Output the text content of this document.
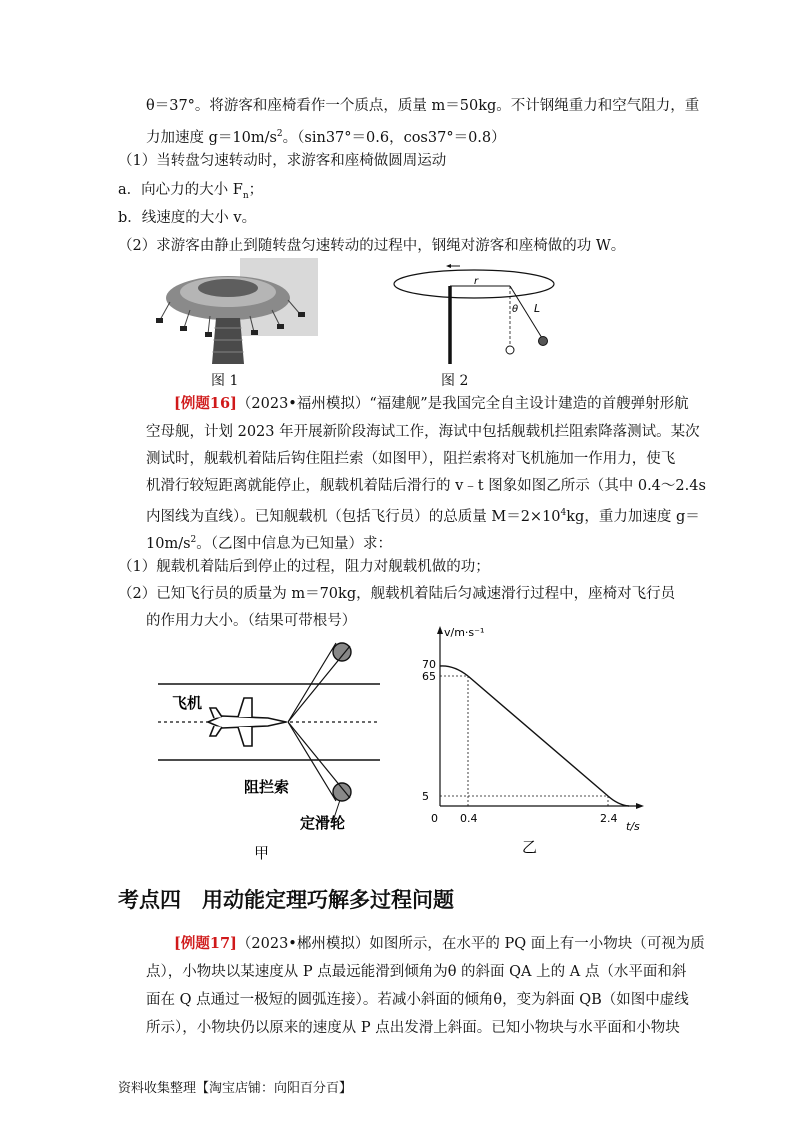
θ＝37°。将游客和座椅看作一个质点，质量 m＝50kg。不计钢绳重力和空气阻力，重
力加速度 $g=10m/s^2$。（sin37°＝0.6，cos37°＝0.8）
（1）当转盘匀速转动时，求游客和座椅做圆周运动
a．向心力的大小 $F_n$；
b．线速度的大小 v。
（2）求游客由静止到随转盘匀速转动的过程中，钢绳对游客和座椅做的功 W。
图 1
r
θ L
图 2
[例题16]（2023•福州模拟）“福建舰”是我国完全自主设计建造的首艘弹射形航
空母舰，计划 2023 年开展新阶段海试工作，海试中包括舰载机拦阻索降落测试。某次
测试时，舰载机着陆后钩住阻拦索（如图甲），阻拦索将对飞机施加一作用力，使飞
机滑行较短距离就能停止，舰载机着陆后滑行的 v﹣t 图象如图乙所示（其中 0.4～2.4s
内图线为直线）。已知舰载机（包括飞行员）的总质量 $M=2\times 10^4kg$，重力加速度 g＝
$10m/s^2$。（乙图中信息为已知量）求：
（1）舰载机着陆后到停止的过程，阻力对舰载机做的功；
（2）已知飞行员的质量为 m＝70kg，舰载机着陆后匀减速滑行过程中，座椅对飞行员
的作用力大小。（结果可带根号）
飞机
阻拦索
定滑轮
甲
v/m·s⁻¹
t/s
5
65
70
0 0.4	2.4
乙
考点四　用动能定理巧解多过程问题
[例题17]（2023•郴州模拟）如图所示，在水平的 PQ 面上有一小物块（可视为质
点），小物块以某速度从 P 点最远能滑到倾角为θ 的斜面 QA 上的 A 点（水平面和斜
面在 Q 点通过一极短的圆弧连接）。若减小斜面的倾角θ，变为斜面 QB（如图中虚线
所示），小物块仍以原来的速度从 P 点出发滑上斜面。已知小物块与水平面和小物块
资料收集整理【淘宝店铺：向阳百分百】
